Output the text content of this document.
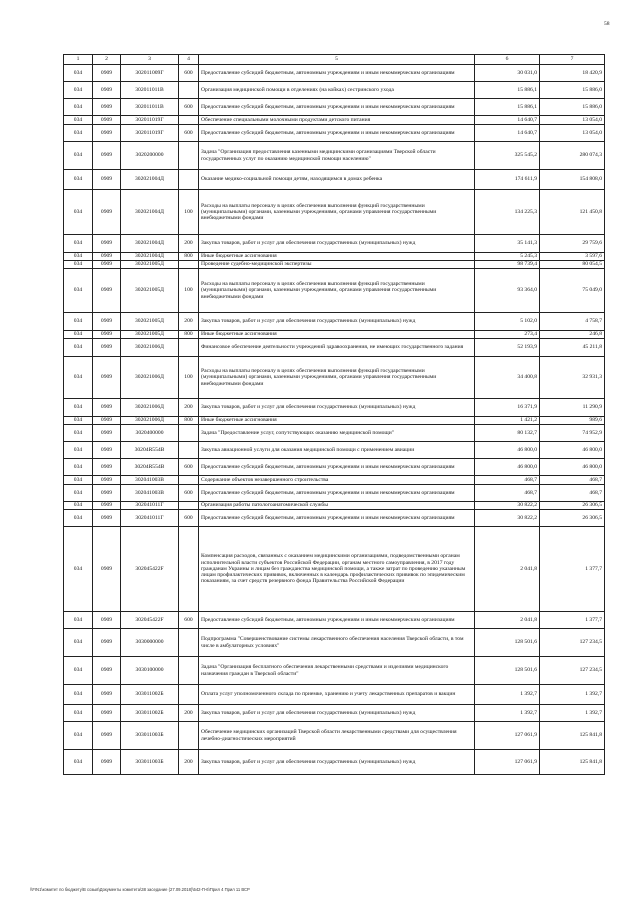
58
1	2	3	4	5	6	7
034	0909	302011009Г	600	Предоставление субсидий бюджетным, автономным учреждениям и иным некоммерческим организациям	30 031,0	18 420,9
034	0909	302011011В		Организация медицинской помощи в отделениях (на койках) сестринского ухода	15 886,1	15 886,0
034	0909	302011011В	600	Предоставление субсидий бюджетным, автономным учреждениям и иным некоммерческим организациям	15 886,1	15 886,0
034	0909	302011019Г		Обеспечение специальными молочными продуктами детского питания	14 640,7	13 054,0
034	0909	302011019Г	600	Предоставление субсидий бюджетным, автономным учреждениям и иным некоммерческим организациям	14 640,7	13 054,0
034	0909	3020200000		Задача "Организация предоставления казенными медицинскими организациями Тверской области государственных услуг по оказанию медицинской помощи населению"	325 545,2	280 074,3
034	0909	302021004Д		Оказание медико-социальной помощи детям, находящимся в домах ребенка	174 611,9	154 808,0
034	0909	302021004Д	100	Расходы на выплаты персоналу в целях обеспечения выполнения функций государственными (муниципальными) органами, казенными учреждениями, органами управления государственными внебюджетными фондами	134 225,3	121 450,8
034	0909	302021004Д	200	Закупка товаров, работ и услуг для обеспечения государственных (муниципальных) нужд	35 141,3	29 759,6
034	0909	302021004Д	800	Иные бюджетные ассигнования	5 245,3	3 597,6
034	0909	302021005Д		Проведение судебно-медицинской экспертизы	98 739,4	80 054,5
034	0909	302021005Д	100	Расходы на выплаты персоналу в целях обеспечения выполнения функций государственными (муниципальными) органами, казенными учреждениями, органами управления государственными внебюджетными фондами	93 364,0	75 049,0
034	0909	302021005Д	200	Закупка товаров, работ и услуг для обеспечения государственных (муниципальных) нужд	5 102,0	4 758,7
034	0909	302021005Д	800	Иные бюджетные ассигнования	273,4	246,8
034	0909	302021006Д		Финансовое обеспечение деятельности учреждений здравоохранения, не имеющих государственного задания	52 193,9	45 211,8
034	0909	302021006Д	100	Расходы на выплаты персоналу в целях обеспечения выполнения функций государственными (муниципальными) органами, казенными учреждениями, органами управления государственными внебюджетными фондами	34 400,8	32 931,3
034	0909	302021006Д	200	Закупка товаров, работ и услуг для обеспечения государственных (муниципальных) нужд	16 371,9	11 290,9
034	0909	302021006Д	800	Иные бюджетные ассигнования	1 421,2	989,6
034	0909	3020400000		Задача "Предоставление услуг, сопутствующих оказанию медицинской помощи"	80 132,7	74 952,9
034	0909	30204R554В		Закупка авиационной услуги для оказания медицинской помощи с применением авиации	46 800,0	46 800,0
034	0909	30204R554В	600	Предоставление субсидий бюджетным, автономным учреждениям и иным некоммерческим организациям	46 800,0	46 800,0
034	0909	302041003В		Содержание объектов незавершенного строительства	468,7	468,7
034	0909	302041003В	600	Предоставление субсидий бюджетным, автономным учреждениям и иным некоммерческим организациям	468,7	468,7
034	0909	302041011Г		Организация работы патологоанатомической службы	30 822,2	26 306,5
034	0909	302041011Г	600	Предоставление субсидий бюджетным, автономным учреждениям и иным некоммерческим организациям	30 822,2	26 306,5
034	0909	302045422F		Компенсация расходов, связанных с оказанием медицинскими организациями, подведомственными органам исполнительной власти субъектов Российской Федерации, органам местного самоуправления, в 2017 году гражданам Украины и лицам без гражданства медицинской помощи, а также затрат по проведению указанным лицам профилактических прививок, включенных в календарь профилактических прививок по эпидемическим показаниям, за счет средств резервного фонда Правительства Российской Федерации	2 041,8	1 377,7
034	0909	302045422F	600	Предоставление субсидий бюджетным, автономным учреждениям и иным некоммерческим организациям	2 041,8	1 377,7
034	0909	3030000000		Подпрограмма "Совершенствование системы лекарственного обеспечения населения Тверской области, в том числе в амбулаторных условиях"	128 501,6	127 234,5
034	0909	3030100000		Задача "Организация бесплатного обеспечения лекарственными средствами и изделиями медицинского назначения граждан в Тверской области"	128 501,6	127 234,5
034	0909	303011002Б		Оплата услуг уполномоченного склада по приемке, хранению и учету лекарственных препаратов и вакцин	1 392,7	1 392,7
034	0909	303011002Б	200	Закупка товаров, работ и услуг для обеспечения государственных (муниципальных) нужд	1 392,7	1 392,7
034	0909	303011003Б		Обеспечение медицинских организаций Тверской области лекарственными средствами для осуществления лечебно-диагностических мероприятий	127 061,9	125 841,8
034	0909	303011003Б	200	Закупка товаров, работ и услуг для обеспечения государственных (муниципальных) нужд	127 061,9	125 841,8
\\FIN1\комитет по бюджету\В созыв\Документы комитета\38 заседание (27.09.2018)\542-П-6\Прил 4 Прил 11 ВСР
